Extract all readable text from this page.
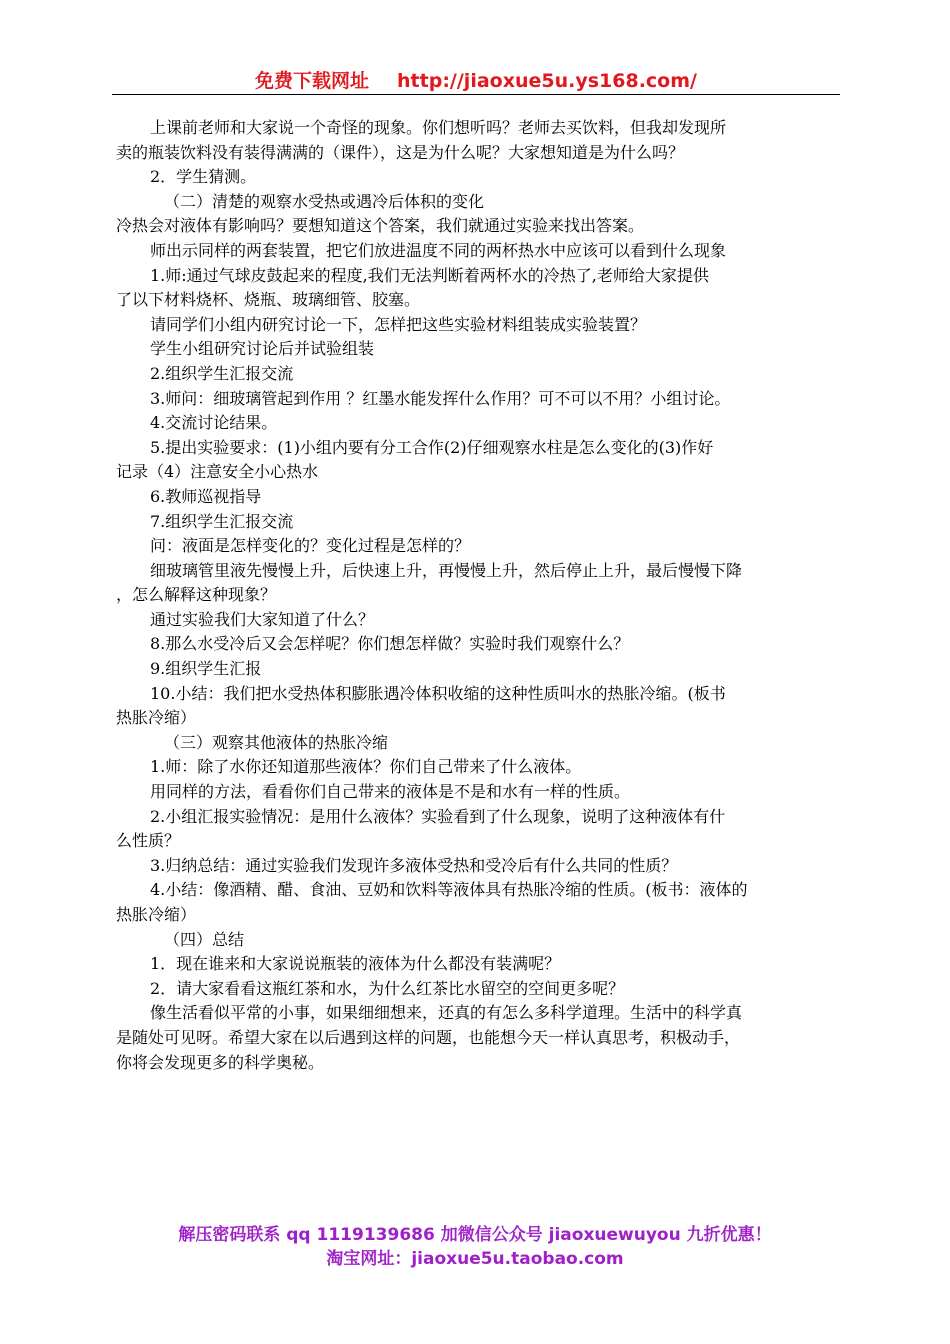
免费下载网址 http://jiaoxue5u.ys168.com/

上课前老师和大家说一个奇怪的现象。你们想听吗？老师去买饮料，但我却发现所

卖的瓶装饮料没有装得满满的（课件），这是为什么呢？大家想知道是为什么吗？

2．学生猜测。

（二）清楚的观察水受热或遇冷后体积的变化

冷热会对液体有影响吗？要想知道这个答案，我们就通过实验来找出答案。

师出示同样的两套装置，把它们放进温度不同的两杯热水中应该可以看到什么现象

1.师:通过气球皮鼓起来的程度,我们无法判断着两杯水的冷热了,老师给大家提供

了以下材料烧杯、烧瓶、玻璃细管、胶塞。

请同学们小组内研究讨论一下，怎样把这些实验材料组装成实验装置？

学生小组研究讨论后并试验组装

2.组织学生汇报交流

3.师问：细玻璃管起到作用 ？红墨水能发挥什么作用？可不可以不用？小组讨论。

4.交流讨论结果。

5.提出实验要求：(1)小组内要有分工合作(2)仔细观察水柱是怎么变化的(3)作好

记录（4）注意安全小心热水

6.教师巡视指导

7.组织学生汇报交流

问：液面是怎样变化的？变化过程是怎样的？

细玻璃管里液先慢慢上升，后快速上升，再慢慢上升，然后停止上升，最后慢慢下降

，怎么解释这种现象？

通过实验我们大家知道了什么？

8.那么水受冷后又会怎样呢？你们想怎样做？实验时我们观察什么？

9.组织学生汇报

10.小结：我们把水受热体积膨胀遇冷体积收缩的这种性质叫水的热胀冷缩。(板书

热胀冷缩）

（三）观察其他液体的热胀冷缩

1.师：除了水你还知道那些液体？你们自己带来了什么液体。

用同样的方法，看看你们自己带来的液体是不是和水有一样的性质。

2.小组汇报实验情况：是用什么液体？实验看到了什么现象，说明了这种液体有什

么性质？

3.归纳总结：通过实验我们发现许多液体受热和受冷后有什么共同的性质？

4.小结：像酒精、醋、食油、豆奶和饮料等液体具有热胀冷缩的性质。(板书：液体的

热胀冷缩）

（四）总结

1．现在谁来和大家说说瓶装的液体为什么都没有装满呢？

2．请大家看看这瓶红茶和水，为什么红茶比水留空的空间更多呢？

像生活看似平常的小事，如果细细想来，还真的有怎么多科学道理。生活中的科学真

是随处可见呀。希望大家在以后遇到这样的问题，也能想今天一样认真思考，积极动手，

你将会发现更多的科学奥秘。

解压密码联系 qq 1119139686 加微信公众号 jiaoxuewuyou 九折优惠！
淘宝网址：jiaoxue5u.taobao.com
